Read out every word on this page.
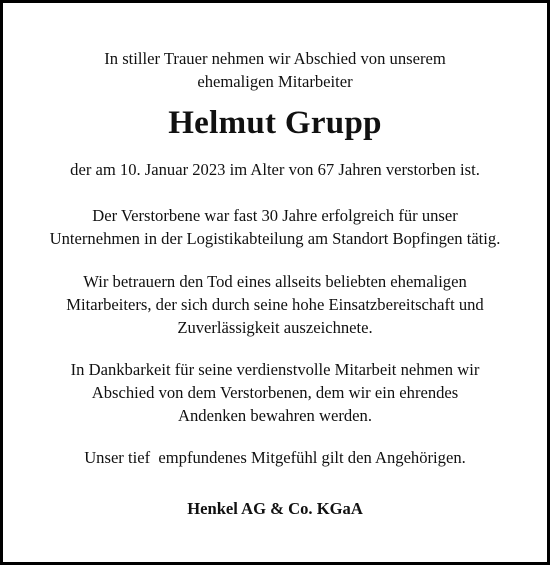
In stiller Trauer nehmen wir Abschied von unserem
ehemaligen Mitarbeiter
Helmut Grupp
der am 10. Januar 2023 im Alter von 67 Jahren verstorben ist.
Der Verstorbene war fast 30 Jahre erfolgreich für unser
Unternehmen in der Logistikabteilung am Standort Bopfingen tätig.
Wir betrauern den Tod eines allseits beliebten ehemaligen
Mitarbeiters, der sich durch seine hohe Einsatzbereitschaft und
Zuverlässigkeit auszeichnete.
In Dankbarkeit für seine verdienstvolle Mitarbeit nehmen wir
Abschied von dem Verstorbenen, dem wir ein ehrendes
Andenken bewahren werden.
Unser tief  empfundenes Mitgefühl gilt den Angehörigen.
Henkel AG & Co. KGaA
